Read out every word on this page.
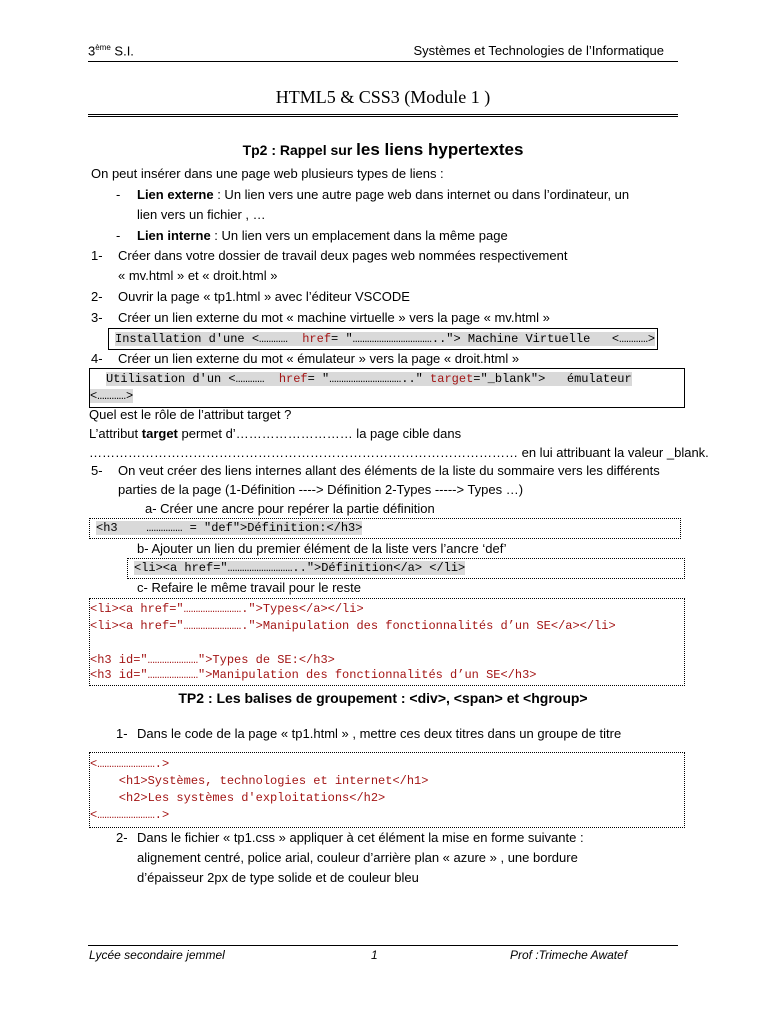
3ème S.I.	Systèmes et Technologies de l’Informatique
HTML5 & CSS3 (Module 1 )
Tp2 : Rappel sur les liens hypertextes
On peut insérer dans une page web plusieurs types de liens :
- Lien externe : Un lien vers une autre page web dans internet ou dans l’ordinateur, un
lien vers un fichier , …
- Lien interne : Un lien vers un emplacement dans la même page
1- Créer dans votre dossier de travail deux pages web nommées respectivement
« mv.html » et « droit.html »
2- Ouvrir la page « tp1.html » avec l’éditeur VSCODE
3- Créer un lien externe du mot « machine virtuelle » vers la page « mv.html »
Installation d'une <…………  href= "…………………………….."> Machine Virtuelle   <…………>
4- Créer un lien externe du mot « émulateur » vers la page « droit.html »
Utilisation d'un <…………  href= "………………………….." target="_blank">   émulateur
<…………>
Quel est le rôle de l’attribut target ?
L’attribut target permet d’……………………… la page cible dans
……………………………………………………………………………………… en lui attribuant la valeur _blank.
5- On veut créer des liens internes allant des éléments de la liste du sommaire vers les différents
parties de la page (1-Définition ----> Définition 2-Types -----> Types …)
a- Créer une ancre pour repérer la partie définition
<h3    …………… = "def">Définition:</h3>
b- Ajouter un lien du premier élément de la liste vers l’ancre ‘def’
<li><a href="………………………..">Définition</a> </li>
c- Refaire le même travail pour le reste
<li><a href="…………………….">Types</a></li>
<li><a href="…………………….">Manipulation des fonctionnalités d’un SE</a></li>
<h3 id="…………………">Types de SE:</h3>
<h3 id="…………………">Manipulation des fonctionnalités d’un SE</h3>
TP2 : Les balises de groupement : <div>, <span> et <hgroup>
1- Dans le code de la page « tp1.html » , mettre ces deux titres dans un groupe de titre
<…………………….>
<h1>Systèmes, technologies et internet</h1>
<h2>Les systèmes d'exploitations</h2>
<…………………….>
2- Dans le fichier « tp1.css » appliquer à cet élément la mise en forme suivante :
alignement centré, police arial, couleur d’arrière plan « azure » , une bordure
d’épaisseur 2px de type solide et de couleur bleu
Lycée secondaire jemmel	1	Prof :Trimeche Awatef
